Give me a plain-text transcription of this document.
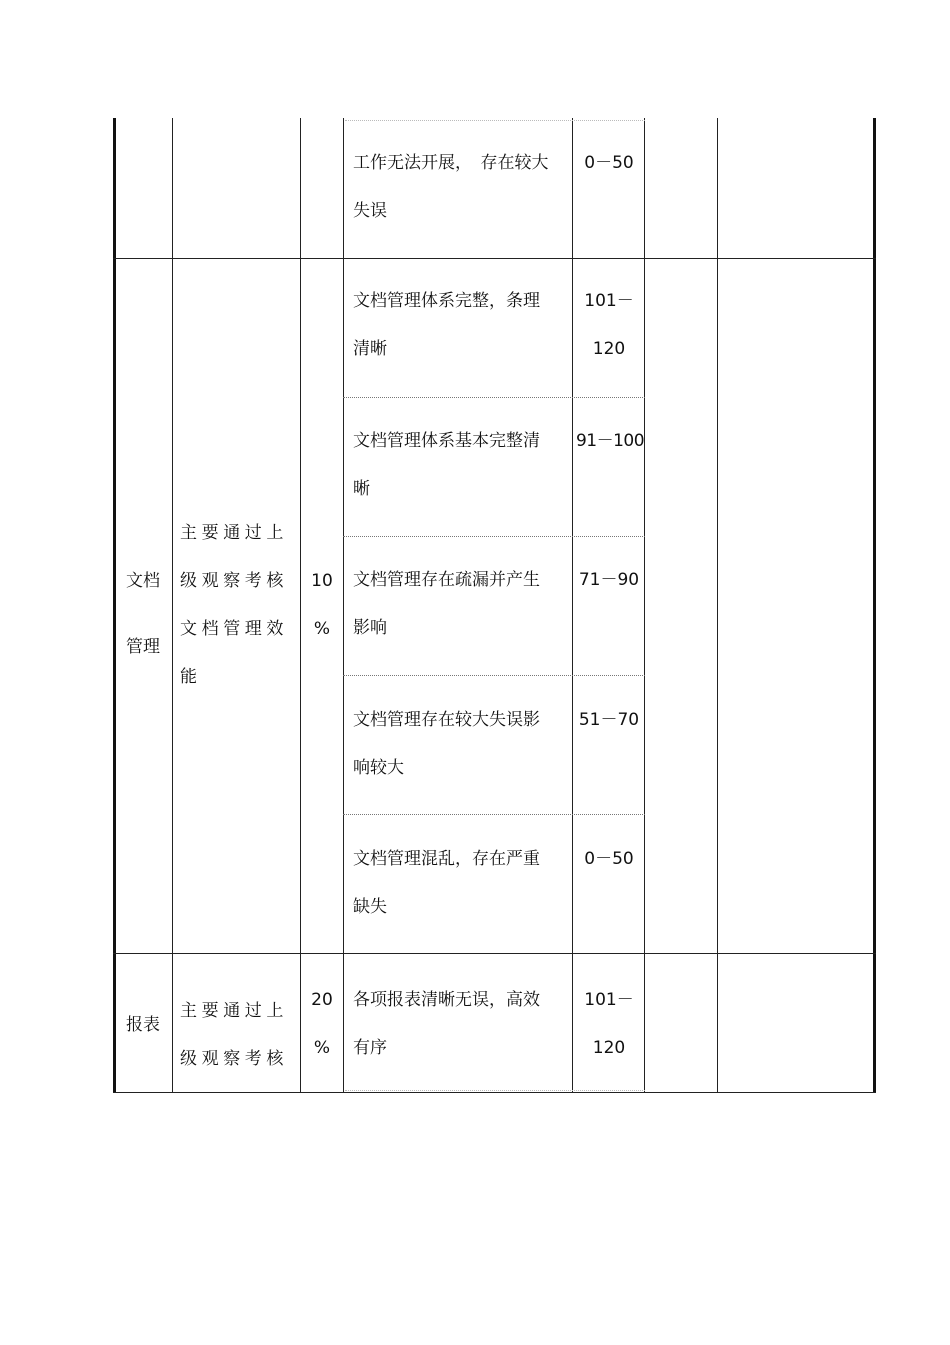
工作无法开展，　存在较大
失误
0－50
文档
管理
主要通过上
级观察考核
文档管理效
能
10
%
文档管理体系完整，条理
清晰
101－
120
文档管理体系基本完整清
晰
91－100
文档管理存在疏漏并产生
影响
71－90
文档管理存在较大失误影
响较大
51－70
文档管理混乱，存在严重
缺失
0－50
报表
主要通过上
级观察考核
20
%
各项报表清晰无误，高效
有序
101－
120
